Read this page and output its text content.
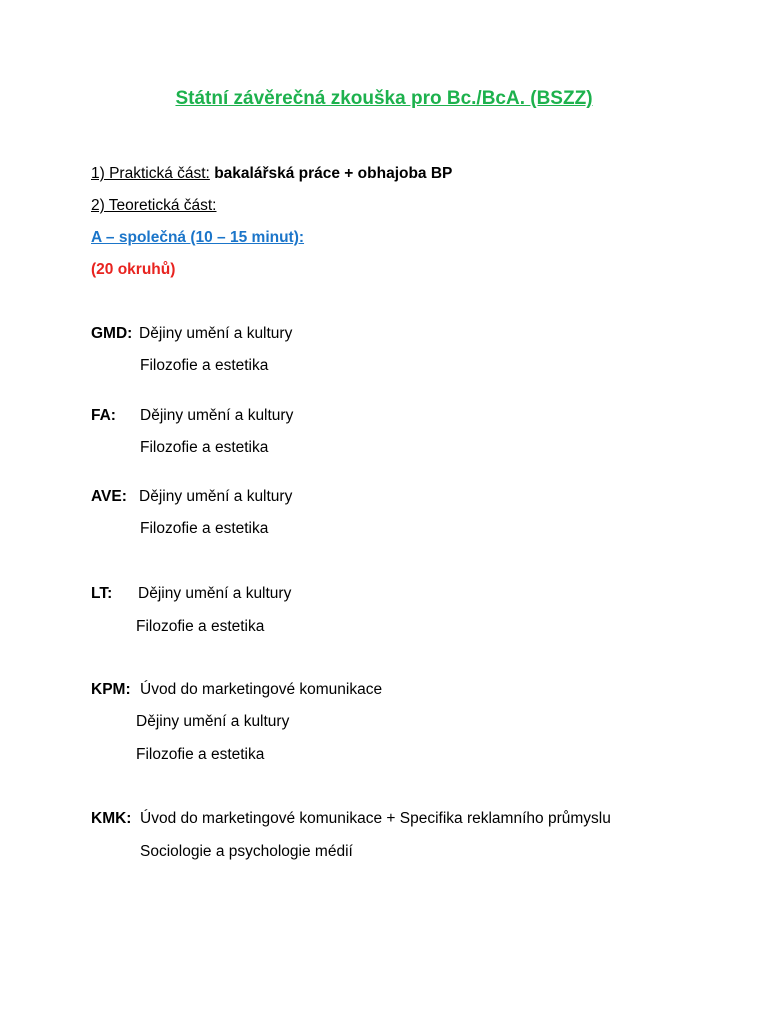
Státní závěrečná zkouška pro Bc./BcA. (BSZZ)
1) Praktická část: bakalářská práce + obhajoba BP
2) Teoretická část:
A – společná (10 – 15 minut):
(20 okruhů)
GMD: Dějiny umění a kultury
Filozofie a estetika
FA: Dějiny umění a kultury
Filozofie a estetika
AVE: Dějiny umění a kultury
Filozofie a estetika
LT: Dějiny umění a kultury
Filozofie a estetika
KPM: Úvod do marketingové komunikace
Dějiny umění a kultury
Filozofie a estetika
KMK: Úvod do marketingové komunikace + Specifika reklamního průmyslu
Sociologie a psychologie médií
